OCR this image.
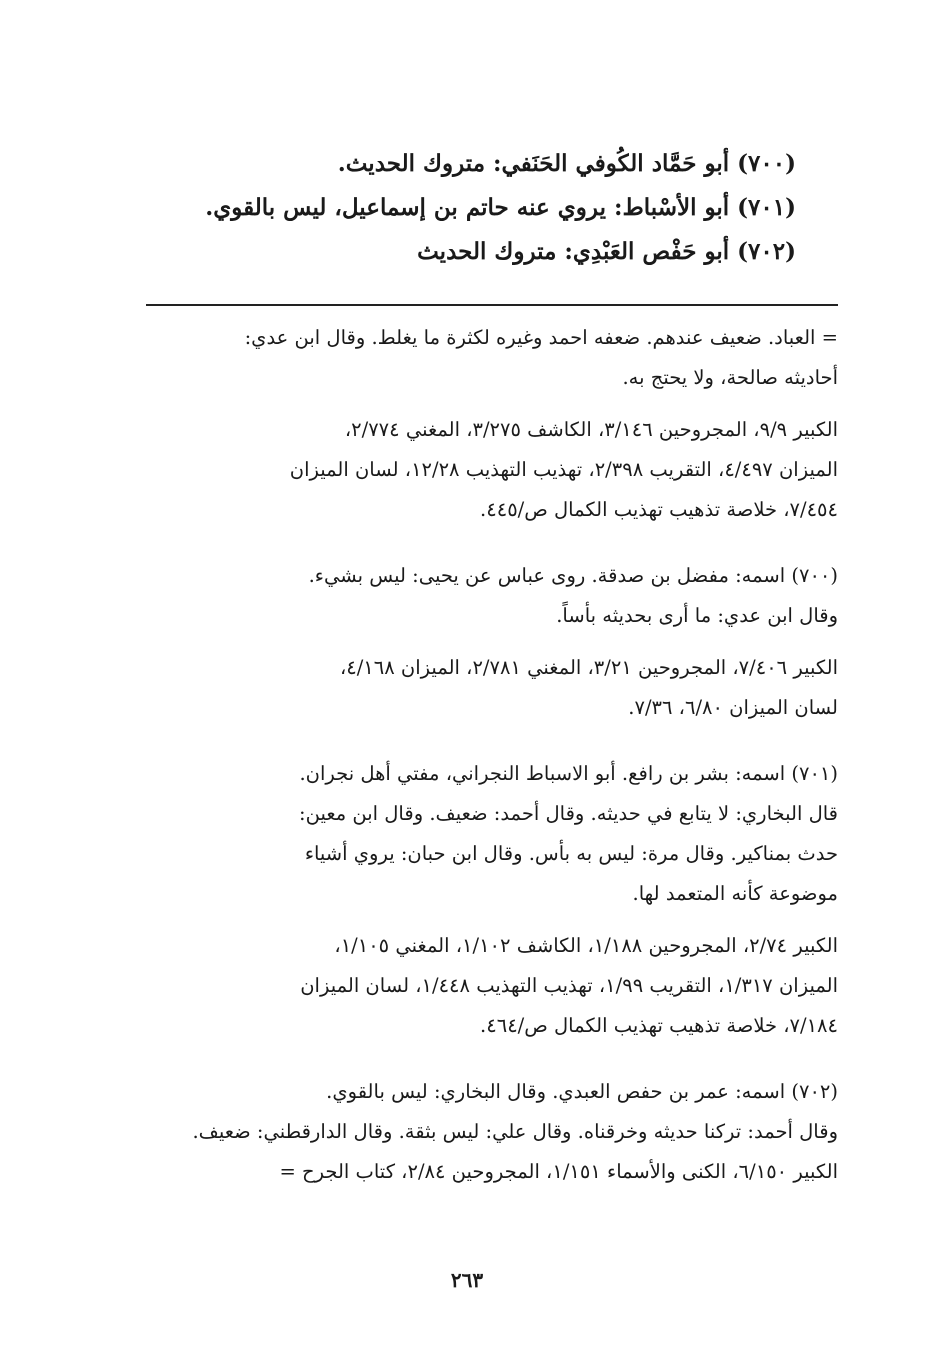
(٧٠٠) أبو حَمَّاد الكُوفي الحَنَفي: متروك الحديث.
(٧٠١) أبو الأسْباط: يروي عنه حاتم بن إسماعيل، ليس بالقوي.
(٧٠٢) أبو حَفْص العَبْدِي: متروك الحديث
= العباد. ضعيف عندهم. ضعفه احمد وغيره لكثرة ما يغلط. وقال ابن عدي:
أحاديثه صالحة، ولا يحتج به.
الكبير ٩/٩، المجروحين ٣/١٤٦، الكاشف ٣/٢٧٥، المغني ٢/٧٧٤،
الميزان ٤/٤٩٧، التقريب ٢/٣٩٨، تهذيب التهذيب ١٢/٢٨، لسان الميزان
٧/٤٥٤، خلاصة تذهيب تهذيب الكمال ص/٤٤٥.
(٧٠٠) اسمه: مفضل بن صدقة. روى عباس عن يحيى: ليس بشيء.
وقال ابن عدي: ما أرى بحديثه بأساً.
الكبير ٧/٤٠٦، المجروحين ٣/٢١، المغني ٢/٧٨١، الميزان ٤/١٦٨،
لسان الميزان ٦/٨٠، ٧/٣٦.
(٧٠١) اسمه: بشر بن رافع. أبو الاسباط النجراني، مفتي أهل نجران.
قال البخاري: لا يتابع في حديثه. وقال أحمد: ضعيف. وقال ابن معين:
حدث بمناكير. وقال مرة: ليس به بأس. وقال ابن حبان: يروي أشياء
موضوعة كأنه المتعمد لها.
الكبير ٢/٧٤، المجروحين ١/١٨٨، الكاشف ١/١٠٢، المغني ١/١٠٥،
الميزان ١/٣١٧، التقريب ١/٩٩، تهذيب التهذيب ١/٤٤٨، لسان الميزان
٧/١٨٤، خلاصة تذهيب تهذيب الكمال ص/٤٦٤.
(٧٠٢) اسمه: عمر بن حفص العبدي. وقال البخاري: ليس بالقوي.
وقال أحمد: تركنا حديثه وخرقناه. وقال علي: ليس بثقة. وقال الدارقطني: ضعيف.
الكبير ٦/١٥٠، الكنى والأسماء ١/١٥١، المجروحين ٢/٨٤، كتاب الجرح =
٢٦٣
